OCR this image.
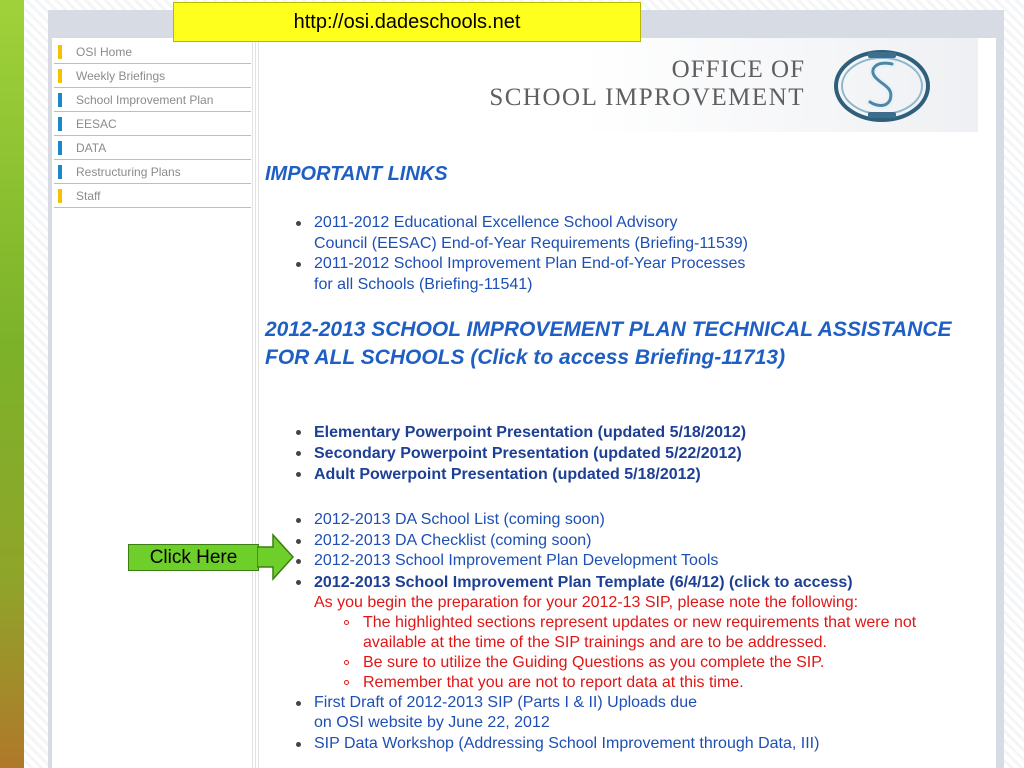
OSI Home
Weekly Briefings
School Improvement Plan
EESAC
DATA
Restructuring Plans
Staff
OFFICE OF
SCHOOL IMPROVEMENT
http://osi.dadeschools.net
IMPORTANT LINKS
2011-2012 Educational Excellence School Advisory
Council (EESAC) End-of-Year Requirements (Briefing-11539)
2011-2012 School Improvement Plan End-of-Year Processes
for all Schools (Briefing-11541)
2012-2013 SCHOOL IMPROVEMENT PLAN TECHNICAL ASSISTANCE FOR ALL SCHOOLS (Click to access Briefing-11713)
Elementary Powerpoint Presentation (updated 5/18/2012)
Secondary Powerpoint Presentation (updated 5/22/2012)
Adult Powerpoint Presentation (updated 5/18/2012)
2012-2013 DA School List (coming soon)
2012-2013 DA Checklist (coming soon)
2012-2013 School Improvement Plan Development Tools
2012-2013 School Improvement Plan Template (6/4/12) (click to access)
As you begin the preparation for your 2012-13 SIP, please note the following:
The highlighted sections represent updates or new requirements that were not
available at the time of the SIP trainings and are to be addressed.
Be sure to utilize the Guiding Questions as you complete the SIP.
Remember that you are not to report data at this time.
First Draft of 2012-2013 SIP (Parts I & II) Uploads due
on OSI website by June 22, 2012
SIP Data Workshop (Addressing School Improvement through Data, III)
Click Here
